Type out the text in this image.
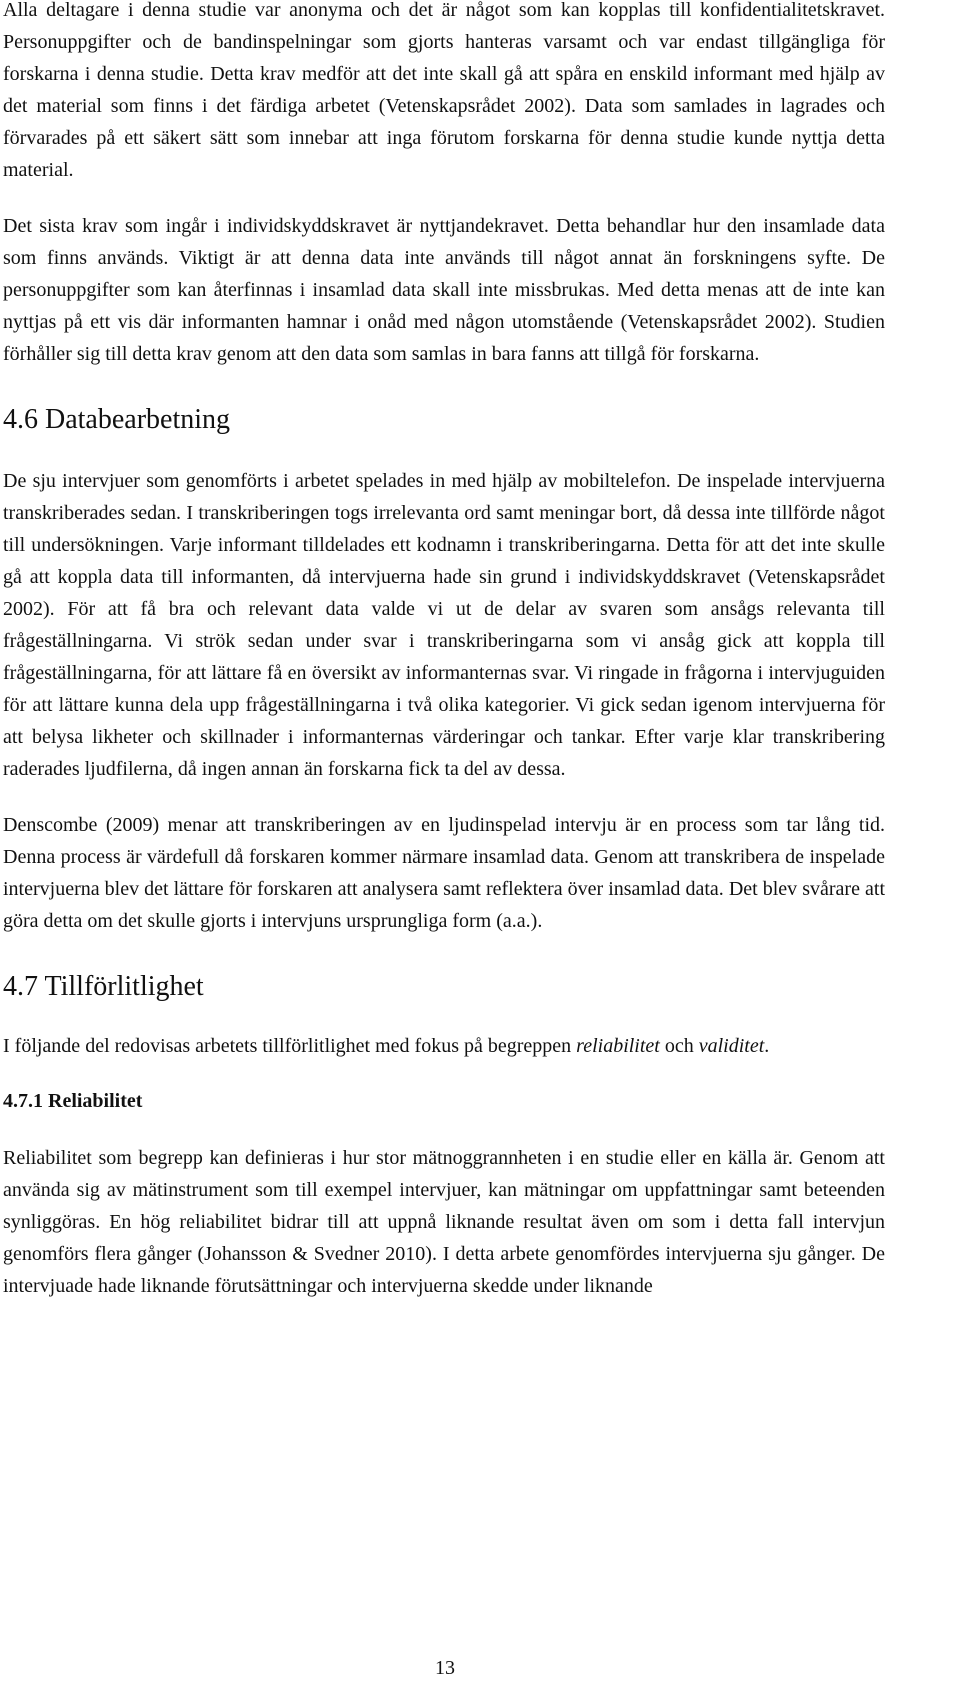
Alla deltagare i denna studie var anonyma och det är något som kan kopplas till konfidentialitetskravet. Personuppgifter och de bandinspelningar som gjorts hanteras varsamt och var endast tillgängliga för forskarna i denna studie. Detta krav medför att det inte skall gå att spåra en enskild informant med hjälp av det material som finns i det färdiga arbetet (Vetenskapsrådet 2002). Data som samlades in lagrades och förvarades på ett säkert sätt som innebar att inga förutom forskarna för denna studie kunde nyttja detta material.

Det sista krav som ingår i individskyddskravet är nyttjandekravet. Detta behandlar hur den insamlade data som finns används. Viktigt är att denna data inte används till något annat än forskningens syfte. De personuppgifter som kan återfinnas i insamlad data skall inte missbrukas. Med detta menas att de inte kan nyttjas på ett vis där informanten hamnar i onåd med någon utomstående (Vetenskapsrådet 2002). Studien förhåller sig till detta krav genom att den data som samlas in bara fanns att tillgå för forskarna.

4.6 Databearbetning

De sju intervjuer som genomförts i arbetet spelades in med hjälp av mobiltelefon. De inspelade intervjuerna transkriberades sedan. I transkriberingen togs irrelevanta ord samt meningar bort, då dessa inte tillförde något till undersökningen. Varje informant tilldelades ett kodnamn i transkriberingarna. Detta för att det inte skulle gå att koppla data till informanten, då intervjuerna hade sin grund i individskyddskravet (Vetenskapsrådet 2002). För att få bra och relevant data valde vi ut de delar av svaren som ansågs relevanta till frågeställningarna. Vi strök sedan under svar i transkriberingarna som vi ansåg gick att koppla till frågeställningarna, för att lättare få en översikt av informanternas svar. Vi ringade in frågorna i intervjuguiden för att lättare kunna dela upp frågeställningarna i två olika kategorier. Vi gick sedan igenom intervjuerna för att belysa likheter och skillnader i informanternas värderingar och tankar. Efter varje klar transkribering raderades ljudfilerna, då ingen annan än forskarna fick ta del av dessa.

Denscombe (2009) menar att transkriberingen av en ljudinspelad intervju är en process som tar lång tid. Denna process är värdefull då forskaren kommer närmare insamlad data. Genom att transkribera de inspelade intervjuerna blev det lättare för forskaren att analysera samt reflektera över insamlad data. Det blev svårare att göra detta om det skulle gjorts i intervjuns ursprungliga form (a.a.).

4.7 Tillförlitlighet

I följande del redovisas arbetets tillförlitlighet med fokus på begreppen reliabilitet och validitet.

4.7.1 Reliabilitet

Reliabilitet som begrepp kan definieras i hur stor mätnoggrannheten i en studie eller en källa är. Genom att använda sig av mätinstrument som till exempel intervjuer, kan mätningar om uppfattningar samt beteenden synliggöras. En hög reliabilitet bidrar till att uppnå liknande resultat även om som i detta fall intervjun genomförs flera gånger (Johansson & Svedner 2010). I detta arbete genomfördes intervjuerna sju gånger. De intervjuade hade liknande förutsättningar och intervjuerna skedde under liknande

13
